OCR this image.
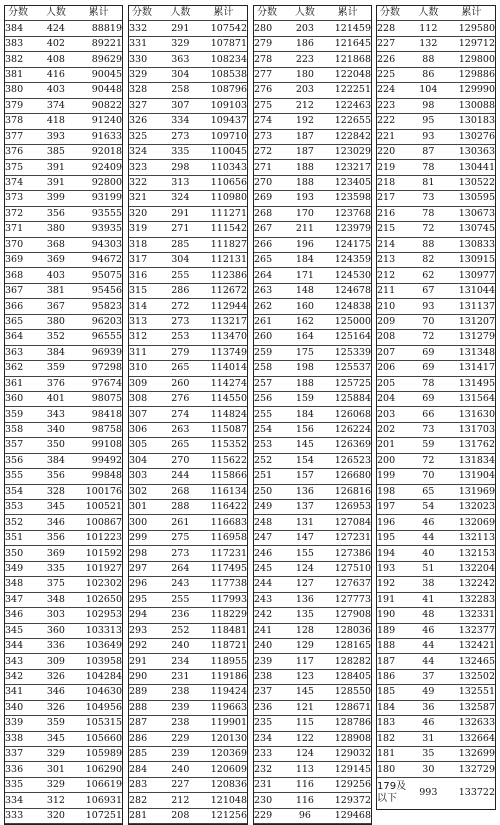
分数	人数	累计
384	424	88819
383	402	89221
382	408	89629
381	416	90045
380	403	90448
379	374	90822
378	418	91240
377	393	91633
376	385	92018
375	391	92409
374	391	92800
373	399	93199
372	356	93555
371	380	93935
370	368	94303
369	369	94672
368	403	95075
367	381	95456
366	367	95823
365	380	96203
364	352	96555
363	384	96939
362	359	97298
361	376	97674
360	401	98075
359	343	98418
358	340	98758
357	350	99108
356	384	99492
355	356	99848
354	328	100176
353	345	100521
352	346	100867
351	356	101223
350	369	101592
349	335	101927
348	375	102302
347	348	102650
346	303	102953
345	360	103313
344	336	103649
343	309	103958
342	326	104284
341	346	104630
340	326	104956
339	359	105315
338	345	105660
337	329	105989
336	301	106290
335	329	106619
334	312	106931
333	320	107251
分数	人数	累计
332	291	107542
331	329	107871
330	363	108234
329	304	108538
328	258	108796
327	307	109103
326	334	109437
325	273	109710
324	335	110045
323	298	110343
322	313	110656
321	324	110980
320	291	111271
319	271	111542
318	285	111827
317	304	112131
316	255	112386
315	286	112672
314	272	112944
313	273	113217
312	253	113470
311	279	113749
310	265	114014
309	260	114274
308	276	114550
307	274	114824
306	263	115087
305	265	115352
304	270	115622
303	244	115866
302	268	116134
301	288	116422
300	261	116683
299	275	116958
298	273	117231
297	264	117495
296	243	117738
295	255	117993
294	236	118229
293	252	118481
292	240	118721
291	234	118955
290	231	119186
289	238	119424
288	239	119663
287	238	119901
286	229	120130
285	239	120369
284	240	120609
283	227	120836
282	212	121048
281	208	121256
分数	人数	累计
280	203	121459
279	186	121645
278	223	121868
277	180	122048
276	203	122251
275	212	122463
274	192	122655
273	187	122842
272	187	123029
271	188	123217
270	188	123405
269	193	123598
268	170	123768
267	211	123979
266	196	124175
265	184	124359
264	171	124530
263	148	124678
262	160	124838
261	162	125000
260	164	125164
259	175	125339
258	198	125537
257	188	125725
256	159	125884
255	184	126068
254	156	126224
253	145	126369
252	154	126523
251	157	126680
250	136	126816
249	137	126953
248	131	127084
247	147	127231
246	155	127386
245	124	127510
244	127	127637
243	136	127773
242	135	127908
241	128	128036
240	129	128165
239	117	128282
238	123	128405
237	145	128550
236	121	128671
235	115	128786
234	122	128908
233	124	129032
232	113	129145
231	116	129256
230	116	129372
229	96	129468
分数	人数	累计
228	112	129580
227	132	129712
226	88	129800
225	86	129886
224	104	129990
223	98	130088
222	95	130183
221	93	130276
220	87	130363
219	78	130441
218	81	130522
217	73	130595
216	78	130673
215	72	130745
214	88	130833
213	82	130915
212	62	130977
211	67	131044
210	93	131137
209	70	131207
208	72	131279
207	69	131348
206	69	131417
205	78	131495
204	69	131564
203	66	131630
202	73	131703
201	59	131762
200	72	131834
199	70	131904
198	65	131969
197	54	132023
196	46	132069
195	44	132113
194	40	132153
193	51	132204
192	38	132242
191	41	132283
190	48	132331
189	46	132377
188	44	132421
187	44	132465
186	37	132502
185	49	132551
184	36	132587
183	46	132633
182	31	132664
181	35	132699
180	30	132729

179及以下	993	133722
